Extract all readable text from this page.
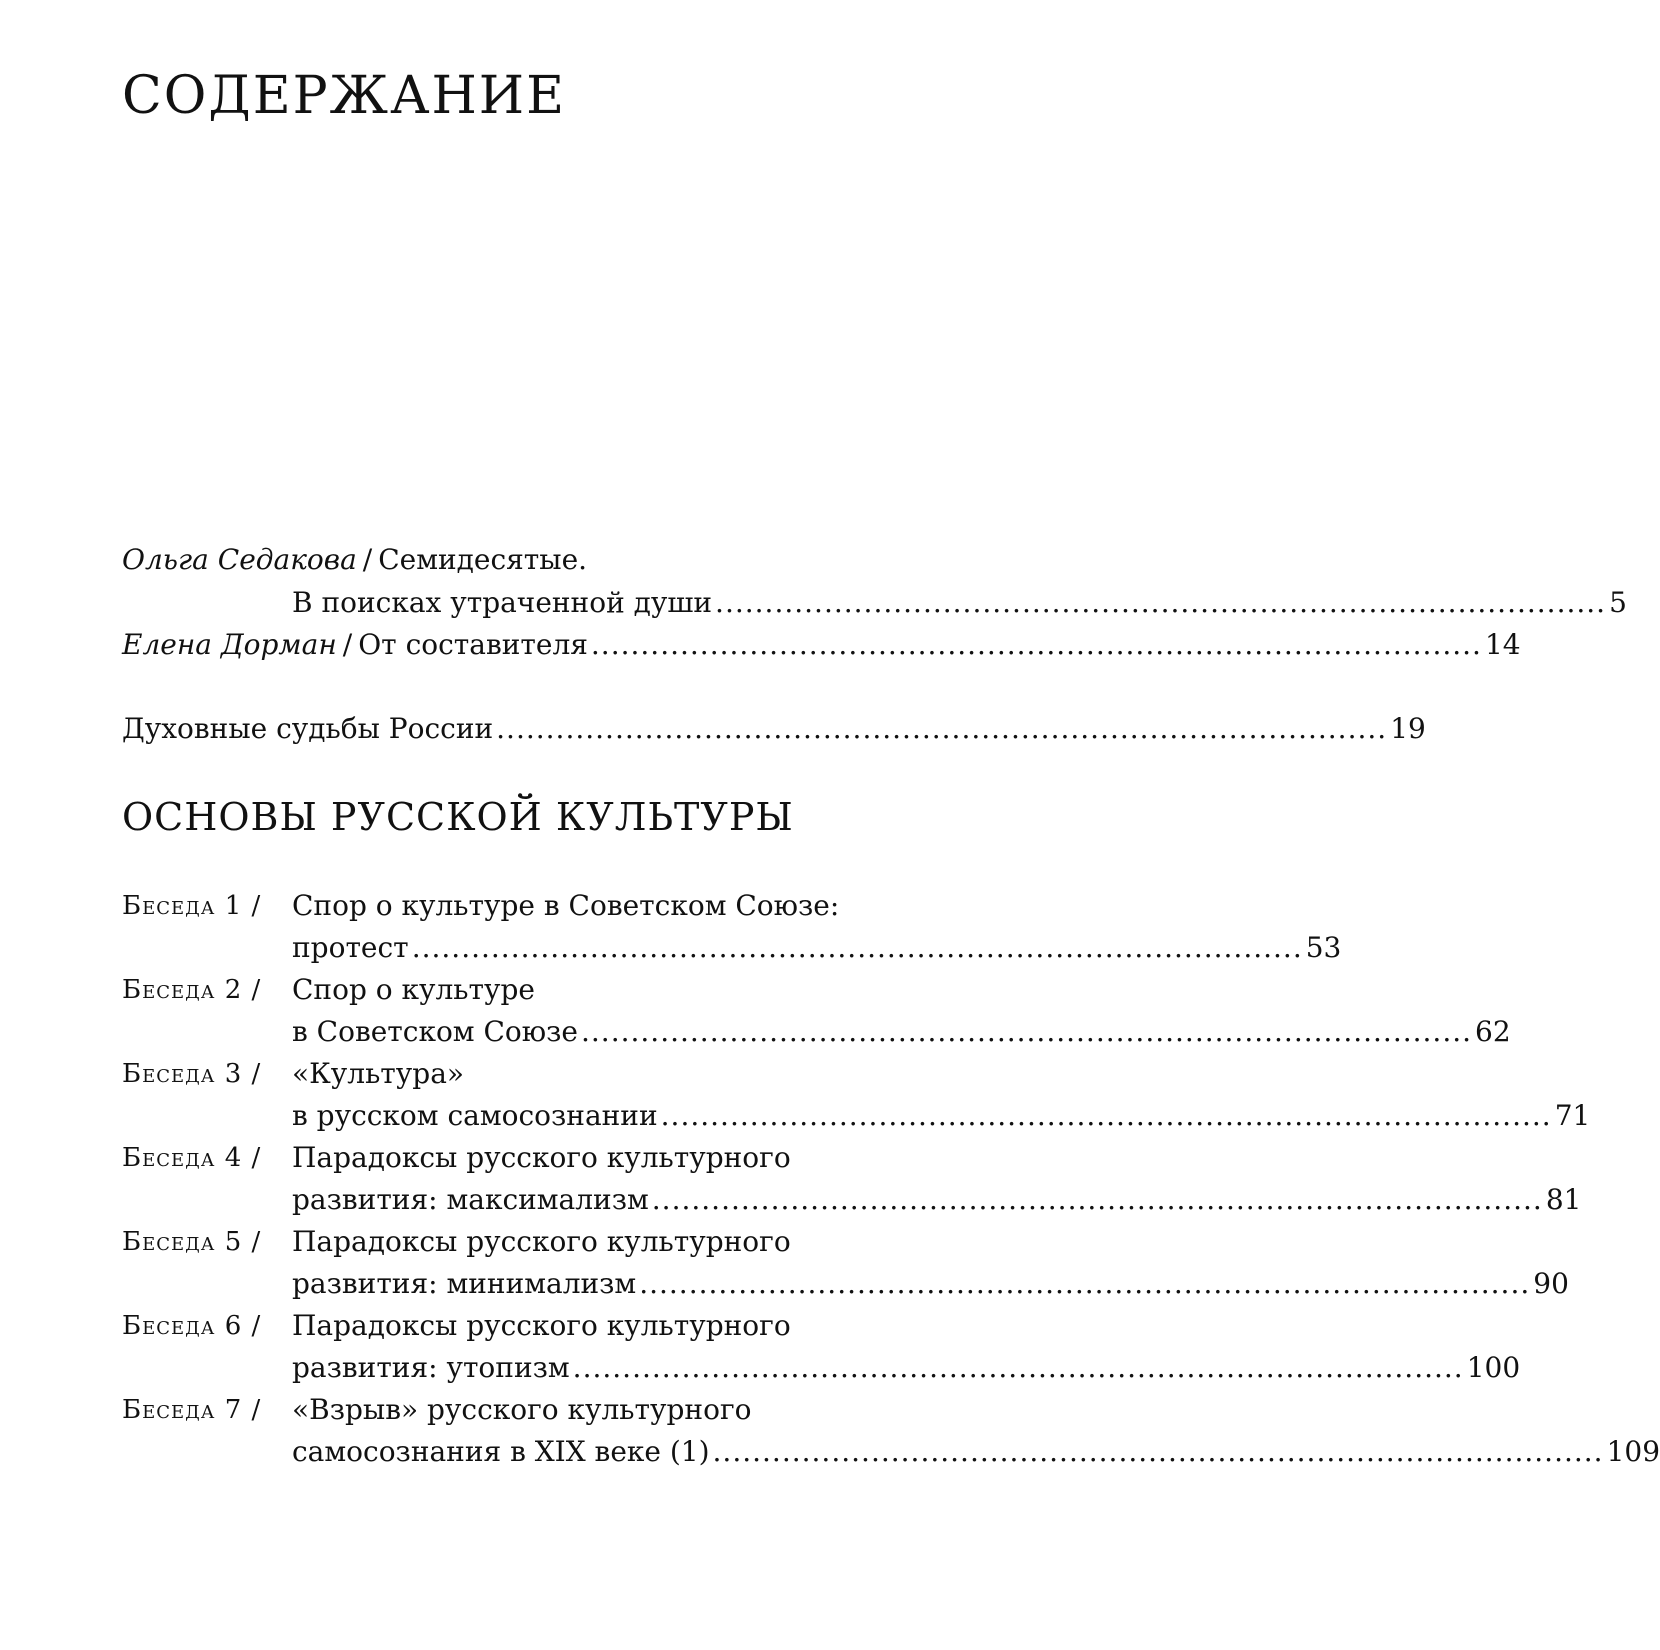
СОДЕРЖАНИЕ
Ольга Седакова / Семидесятые.
В поисках утраченной души .......................................................................................... 5
Елена Дорман / От составителя .......................................................................................... 14
Духовные судьбы России .......................................................................................... 19
ОСНОВЫ РУССКОЙ КУЛЬТУРЫ
Беседа 1 / Спор о культуре в Советском Союзе:
протест .......................................................................................... 53
Беседа 2 / Спор о культуре
в Советском Союзе .......................................................................................... 62
Беседа 3 / «Культура»
в русском самосознании .......................................................................................... 71
Беседа 4 / Парадоксы русского культурного
развития: максимализм .......................................................................................... 81
Беседа 5 / Парадоксы русского культурного
развития: минимализм .......................................................................................... 90
Беседа 6 / Парадоксы русского культурного
развития: утопизм .......................................................................................... 100
Беседа 7 / «Взрыв» русского культурного
самосознания в XIX веке (1) .......................................................................................... 109
